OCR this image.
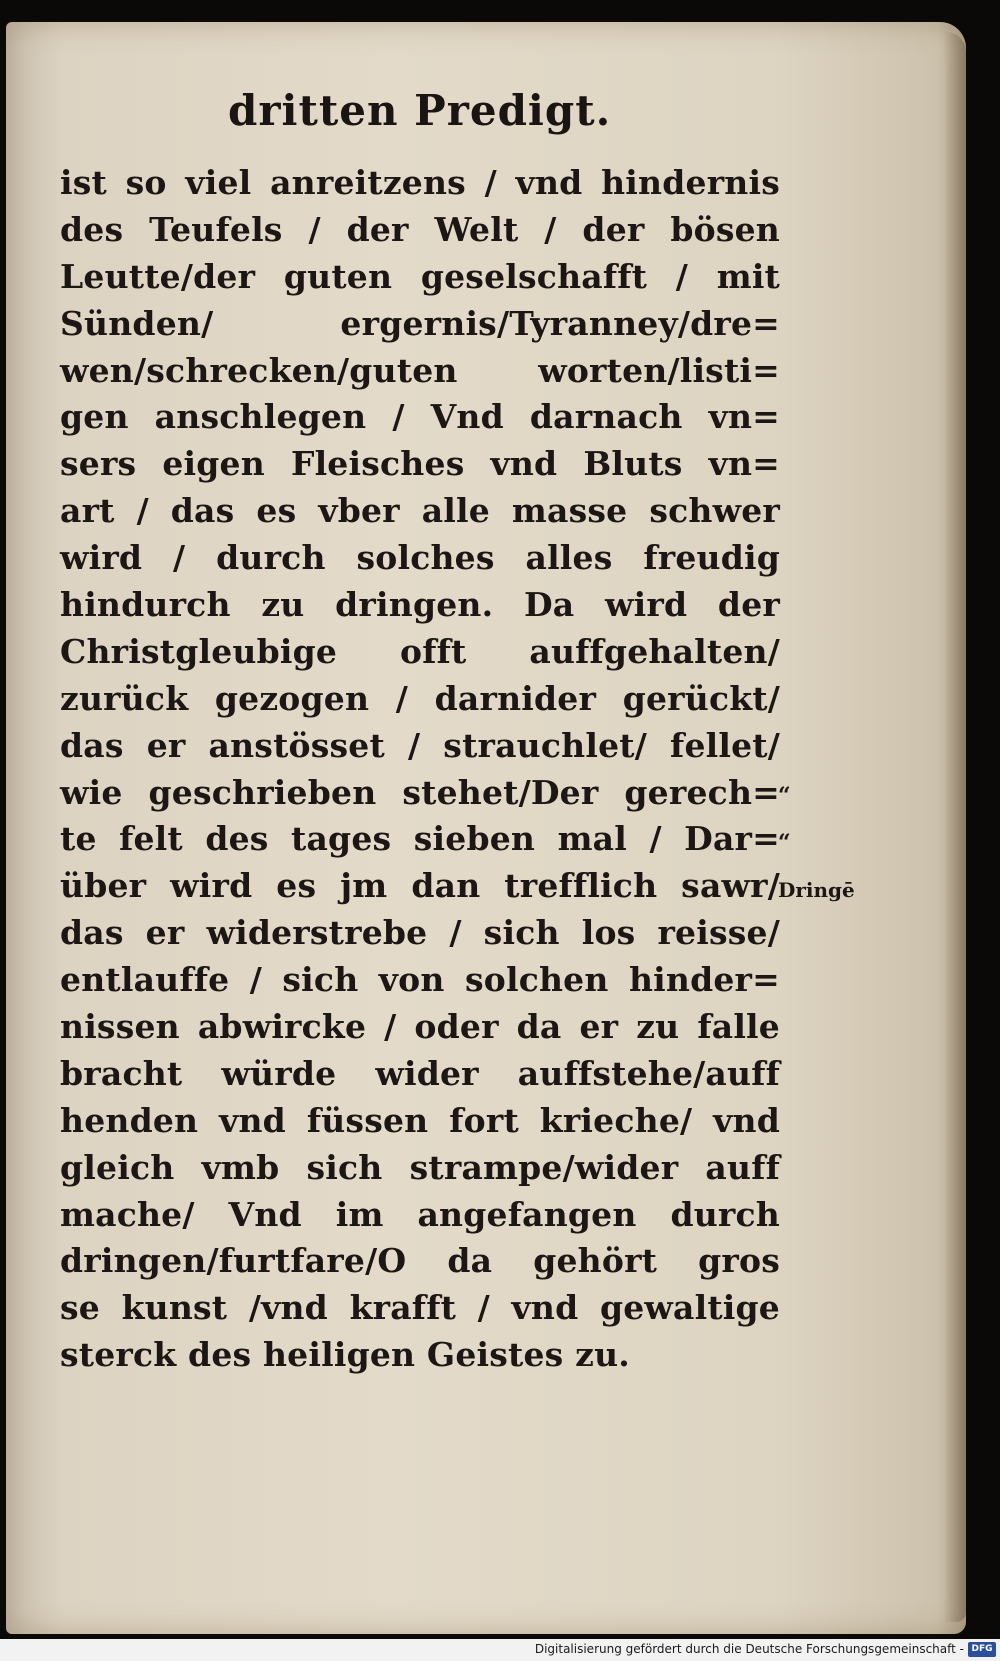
dritten Predigt.
ist so viel anreitzens / vnd hindernis
des Teufels / der Welt / der bösen
Leutte/der guten geselschafft / mit
Sünden/ ergernis/Tyranney/dre=
wen/schrecken/guten worten/listi=
gen anschlegen / Vnd darnach vn=
sers eigen Fleisches vnd Bluts vn=
art / das es vber alle masse schwer
wird / durch solches alles freudig
hindurch zu dringen. Da wird der
Christgleubige offt auffgehalten/
zurück gezogen / darnider gerückt/
das er anstösset / strauchlet/ fellet/
wie geschrieben stehet/Der gerech=
te felt des tages sieben mal / Dar=
über wird es jm dan trefflich sawr/
das er widerstrebe / sich los reisse/
entlauffe / sich von solchen hinder=
nissen abwircke / oder da er zu falle
bracht würde wider auffstehe/auff
henden vnd füssen fort krieche/ vnd
gleich vmb sich strampe/wider auff
mache/ Vnd im angefangen durch
dringen/furtfare/O da gehört gros
se kunst /vnd krafft / vnd gewaltige
sterck des heiligen Geistes zu.
“
“
Dringē
Digitalisierung gefördert durch die Deutsche Forschungsgemeinschaft - DFG
